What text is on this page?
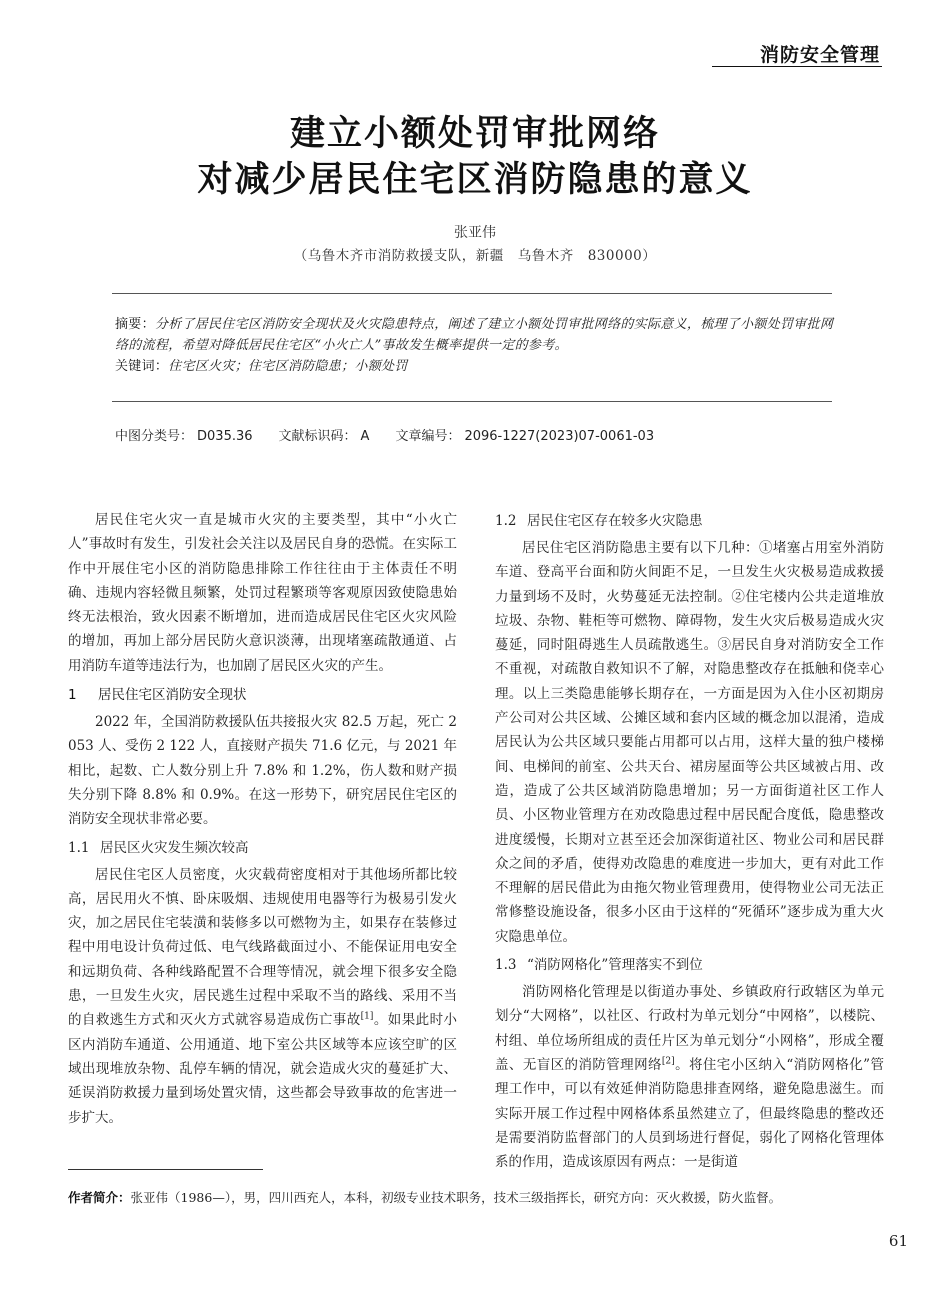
消防安全管理
建立小额处罚审批网络
对减少居民住宅区消防隐患的意义
张亚伟
（乌鲁木齐市消防救援支队，新疆　乌鲁木齐　830000）
摘要：分析了居民住宅区消防安全现状及火灾隐患特点，阐述了建立小额处罚审批网络的实际意义，梳理了小额处罚审批网络的流程，希望对降低居民住宅区“小火亡人”事故发生概率提供一定的参考。
关键词：住宅区火灾；住宅区消防隐患；小额处罚
中图分类号： D035.36 文献标识码： A 文章编号： 2096-1227(2023)07-0061-03

居民住宅火灾一直是城市火灾的主要类型，其中“小火亡人”事故时有发生，引发社会关注以及居民自身的恐慌。在实际工作中开展住宅小区的消防隐患排除工作往往由于主体责任不明确、违规内容轻微且频繁，处罚过程繁琐等客观原因致使隐患始终无法根治，致火因素不断增加，进而造成居民住宅区火灾风险的增加，再加上部分居民防火意识淡薄，出现堵塞疏散通道、占用消防车道等违法行为，也加剧了居民区火灾的产生。

1 居民住宅区消防安全现状

2022 年，全国消防救援队伍共接报火灾 82.5 万起，死亡 2 053 人、受伤 2 122 人，直接财产损失 71.6 亿元，与 2021 年相比，起数、亡人数分别上升 7.8% 和 1.2%，伤人数和财产损失分别下降 8.8% 和 0.9%。在这一形势下，研究居民住宅区的消防安全现状非常必要。

1.1 居民区火灾发生频次较高

居民住宅区人员密度，火灾载荷密度相对于其他场所都比较高，居民用火不慎、卧床吸烟、违规使用电器等行为极易引发火灾，加之居民住宅装潢和装修多以可燃物为主，如果存在装修过程中用电设计负荷过低、电气线路截面过小、不能保证用电安全和远期负荷、各种线路配置不合理等情况，就会埋下很多安全隐患，一旦发生火灾，居民逃生过程中采取不当的路线、采用不当的自救逃生方式和灭火方式就容易造成伤亡事故[1]。如果此时小区内消防车通道、公用通道、地下室公共区域等本应该空旷的区域出现堆放杂物、乱停车辆的情况，就会造成火灾的蔓延扩大、延误消防救援力量到场处置灾情，这些都会导致事故的危害进一步扩大。

1.2 居民住宅区存在较多火灾隐患

居民住宅区消防隐患主要有以下几种：①堵塞占用室外消防车道、登高平台面和防火间距不足，一旦发生火灾极易造成救援力量到场不及时，火势蔓延无法控制。②住宅楼内公共走道堆放垃圾、杂物、鞋柜等可燃物、障碍物，发生火灾后极易造成火灾蔓延，同时阻碍逃生人员疏散逃生。③居民自身对消防安全工作不重视，对疏散自救知识不了解，对隐患整改存在抵触和侥幸心理。以上三类隐患能够长期存在，一方面是因为入住小区初期房产公司对公共区域、公摊区域和套内区域的概念加以混淆，造成居民认为公共区域只要能占用都可以占用，这样大量的独户楼梯间、电梯间的前室、公共天台、裙房屋面等公共区域被占用、改造，造成了公共区域消防隐患增加；另一方面街道社区工作人员、小区物业管理方在劝改隐患过程中居民配合度低，隐患整改进度缓慢，长期对立甚至还会加深街道社区、物业公司和居民群众之间的矛盾，使得劝改隐患的难度进一步加大，更有对此工作不理解的居民借此为由拖欠物业管理费用，使得物业公司无法正常修整设施设备，很多小区由于这样的“死循环”逐步成为重大火灾隐患单位。

1.3 “消防网格化”管理落实不到位

消防网格化管理是以街道办事处、乡镇政府行政辖区为单元划分“大网格”，以社区、行政村为单元划分“中网格”，以楼院、村组、单位场所组成的责任片区为单元划分“小网格”，形成全覆盖、无盲区的消防管理网络[2]。将住宅小区纳入“消防网格化”管理工作中，可以有效延伸消防隐患排查网络，避免隐患滋生。而实际开展工作过程中网格体系虽然建立了，但最终隐患的整改还是需要消防监督部门的人员到场进行督促，弱化了网格化管理体系的作用，造成该原因有两点：一是街道

作者简介：张亚伟（1986—），男，四川西充人，本科，初级专业技术职务，技术三级指挥长，研究方向：灭火救援，防火监督。
61
